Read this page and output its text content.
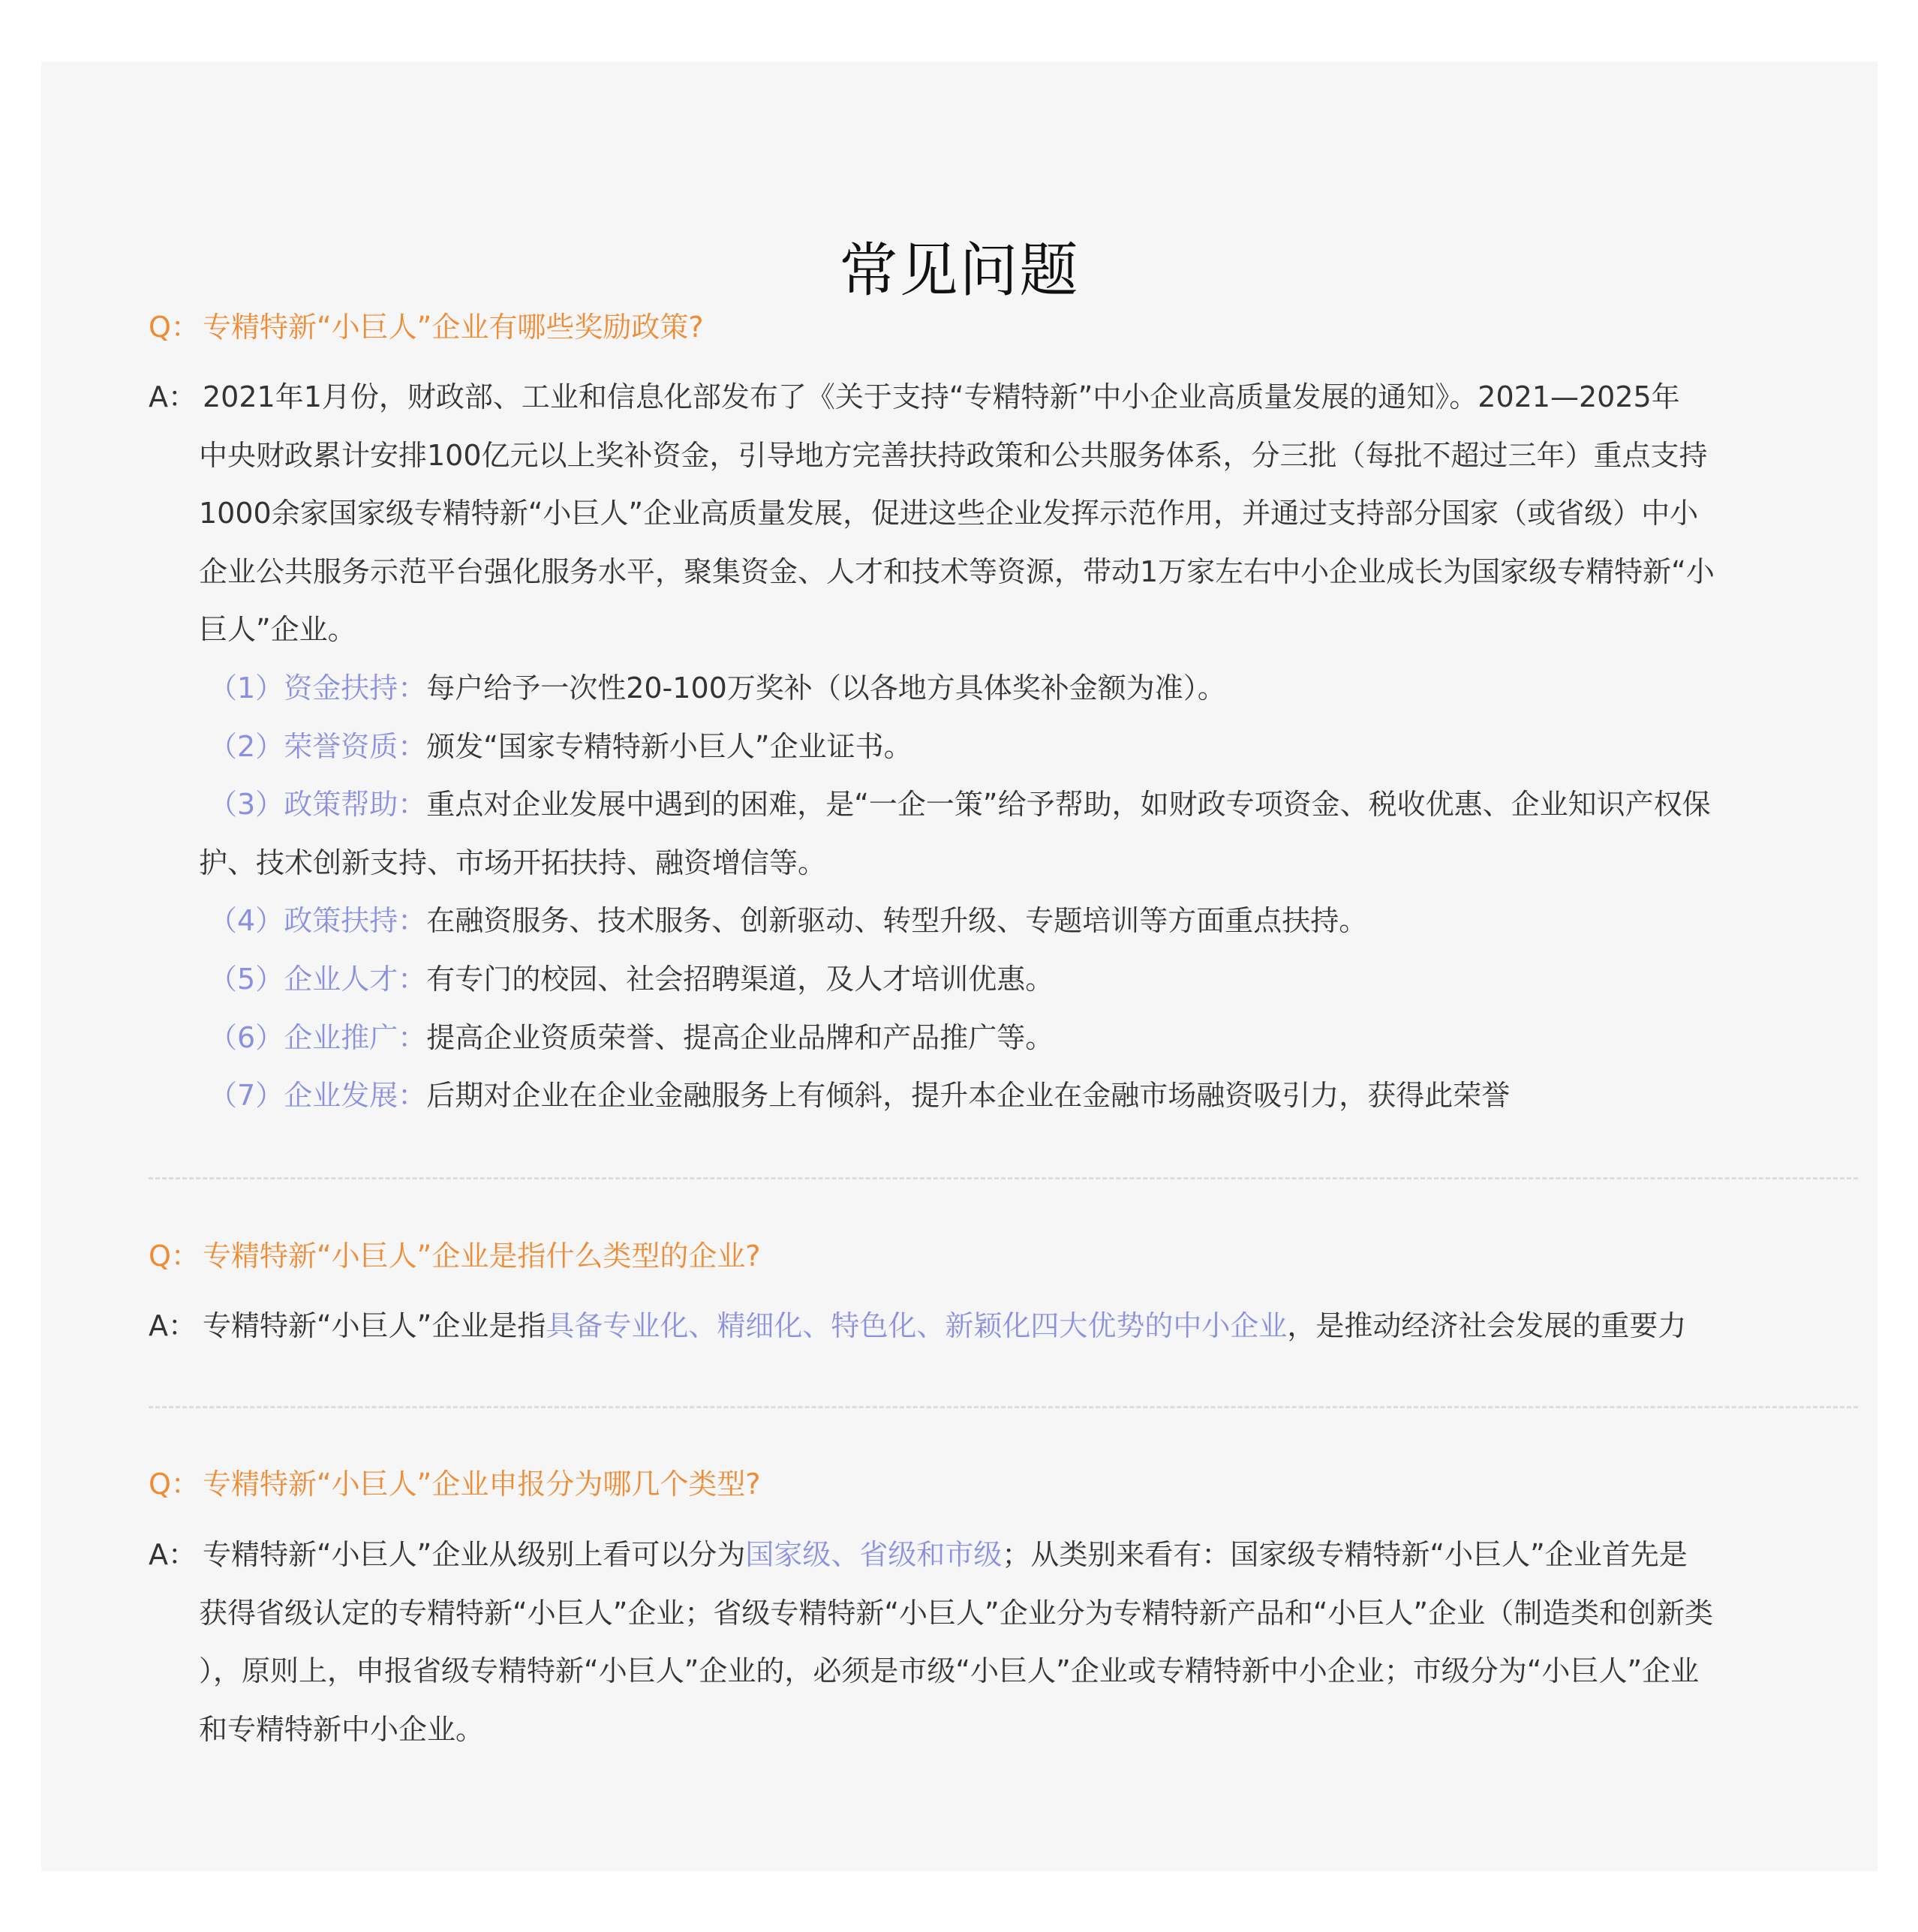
常见问题
Q： 专精特新“小巨人”企业有哪些奖励政策?
A： 2021年1月份，财政部、工业和信息化部发布了《关于支持“专精特新”中小企业高质量发展的通知》。2021—2025年
中央财政累计安排100亿元以上奖补资金，引导地方完善扶持政策和公共服务体系，分三批（每批不超过三年）重点支持
1000余家国家级专精特新“小巨人”企业高质量发展，促进这些企业发挥示范作用，并通过支持部分国家（或省级）中小
企业公共服务示范平台强化服务水平，聚集资金、人才和技术等资源，带动1万家左右中小企业成长为国家级专精特新“小
巨人”企业。
（1）资金扶持：每户给予一次性20-100万奖补（以各地方具体奖补金额为准）。
（2）荣誉资质：颁发“国家专精特新小巨人”企业证书。
（3）政策帮助：重点对企业发展中遇到的困难，是“一企一策”给予帮助，如财政专项资金、税收优惠、企业知识产权保
护、技术创新支持、市场开拓扶持、融资增信等。
（4）政策扶持：在融资服务、技术服务、创新驱动、转型升级、专题培训等方面重点扶持。
（5）企业人才：有专门的校园、社会招聘渠道，及人才培训优惠。
（6）企业推广：提高企业资质荣誉、提高企业品牌和产品推广等。
（7）企业发展：后期对企业在企业金融服务上有倾斜，提升本企业在金融市场融资吸引力，获得此荣誉
Q： 专精特新“小巨人”企业是指什么类型的企业?
A： 专精特新“小巨人”企业是指具备专业化、精细化、特色化、新颖化四大优势的中小企业，是推动经济社会发展的重要力
Q： 专精特新“小巨人”企业申报分为哪几个类型?
A： 专精特新“小巨人”企业从级别上看可以分为国家级、省级和市级；从类别来看有：国家级专精特新“小巨人”企业首先是
获得省级认定的专精特新“小巨人”企业；省级专精特新“小巨人”企业分为专精特新产品和“小巨人”企业（制造类和创新类
），原则上，申报省级专精特新“小巨人”企业的，必须是市级“小巨人”企业或专精特新中小企业；市级分为“小巨人”企业
和专精特新中小企业。
